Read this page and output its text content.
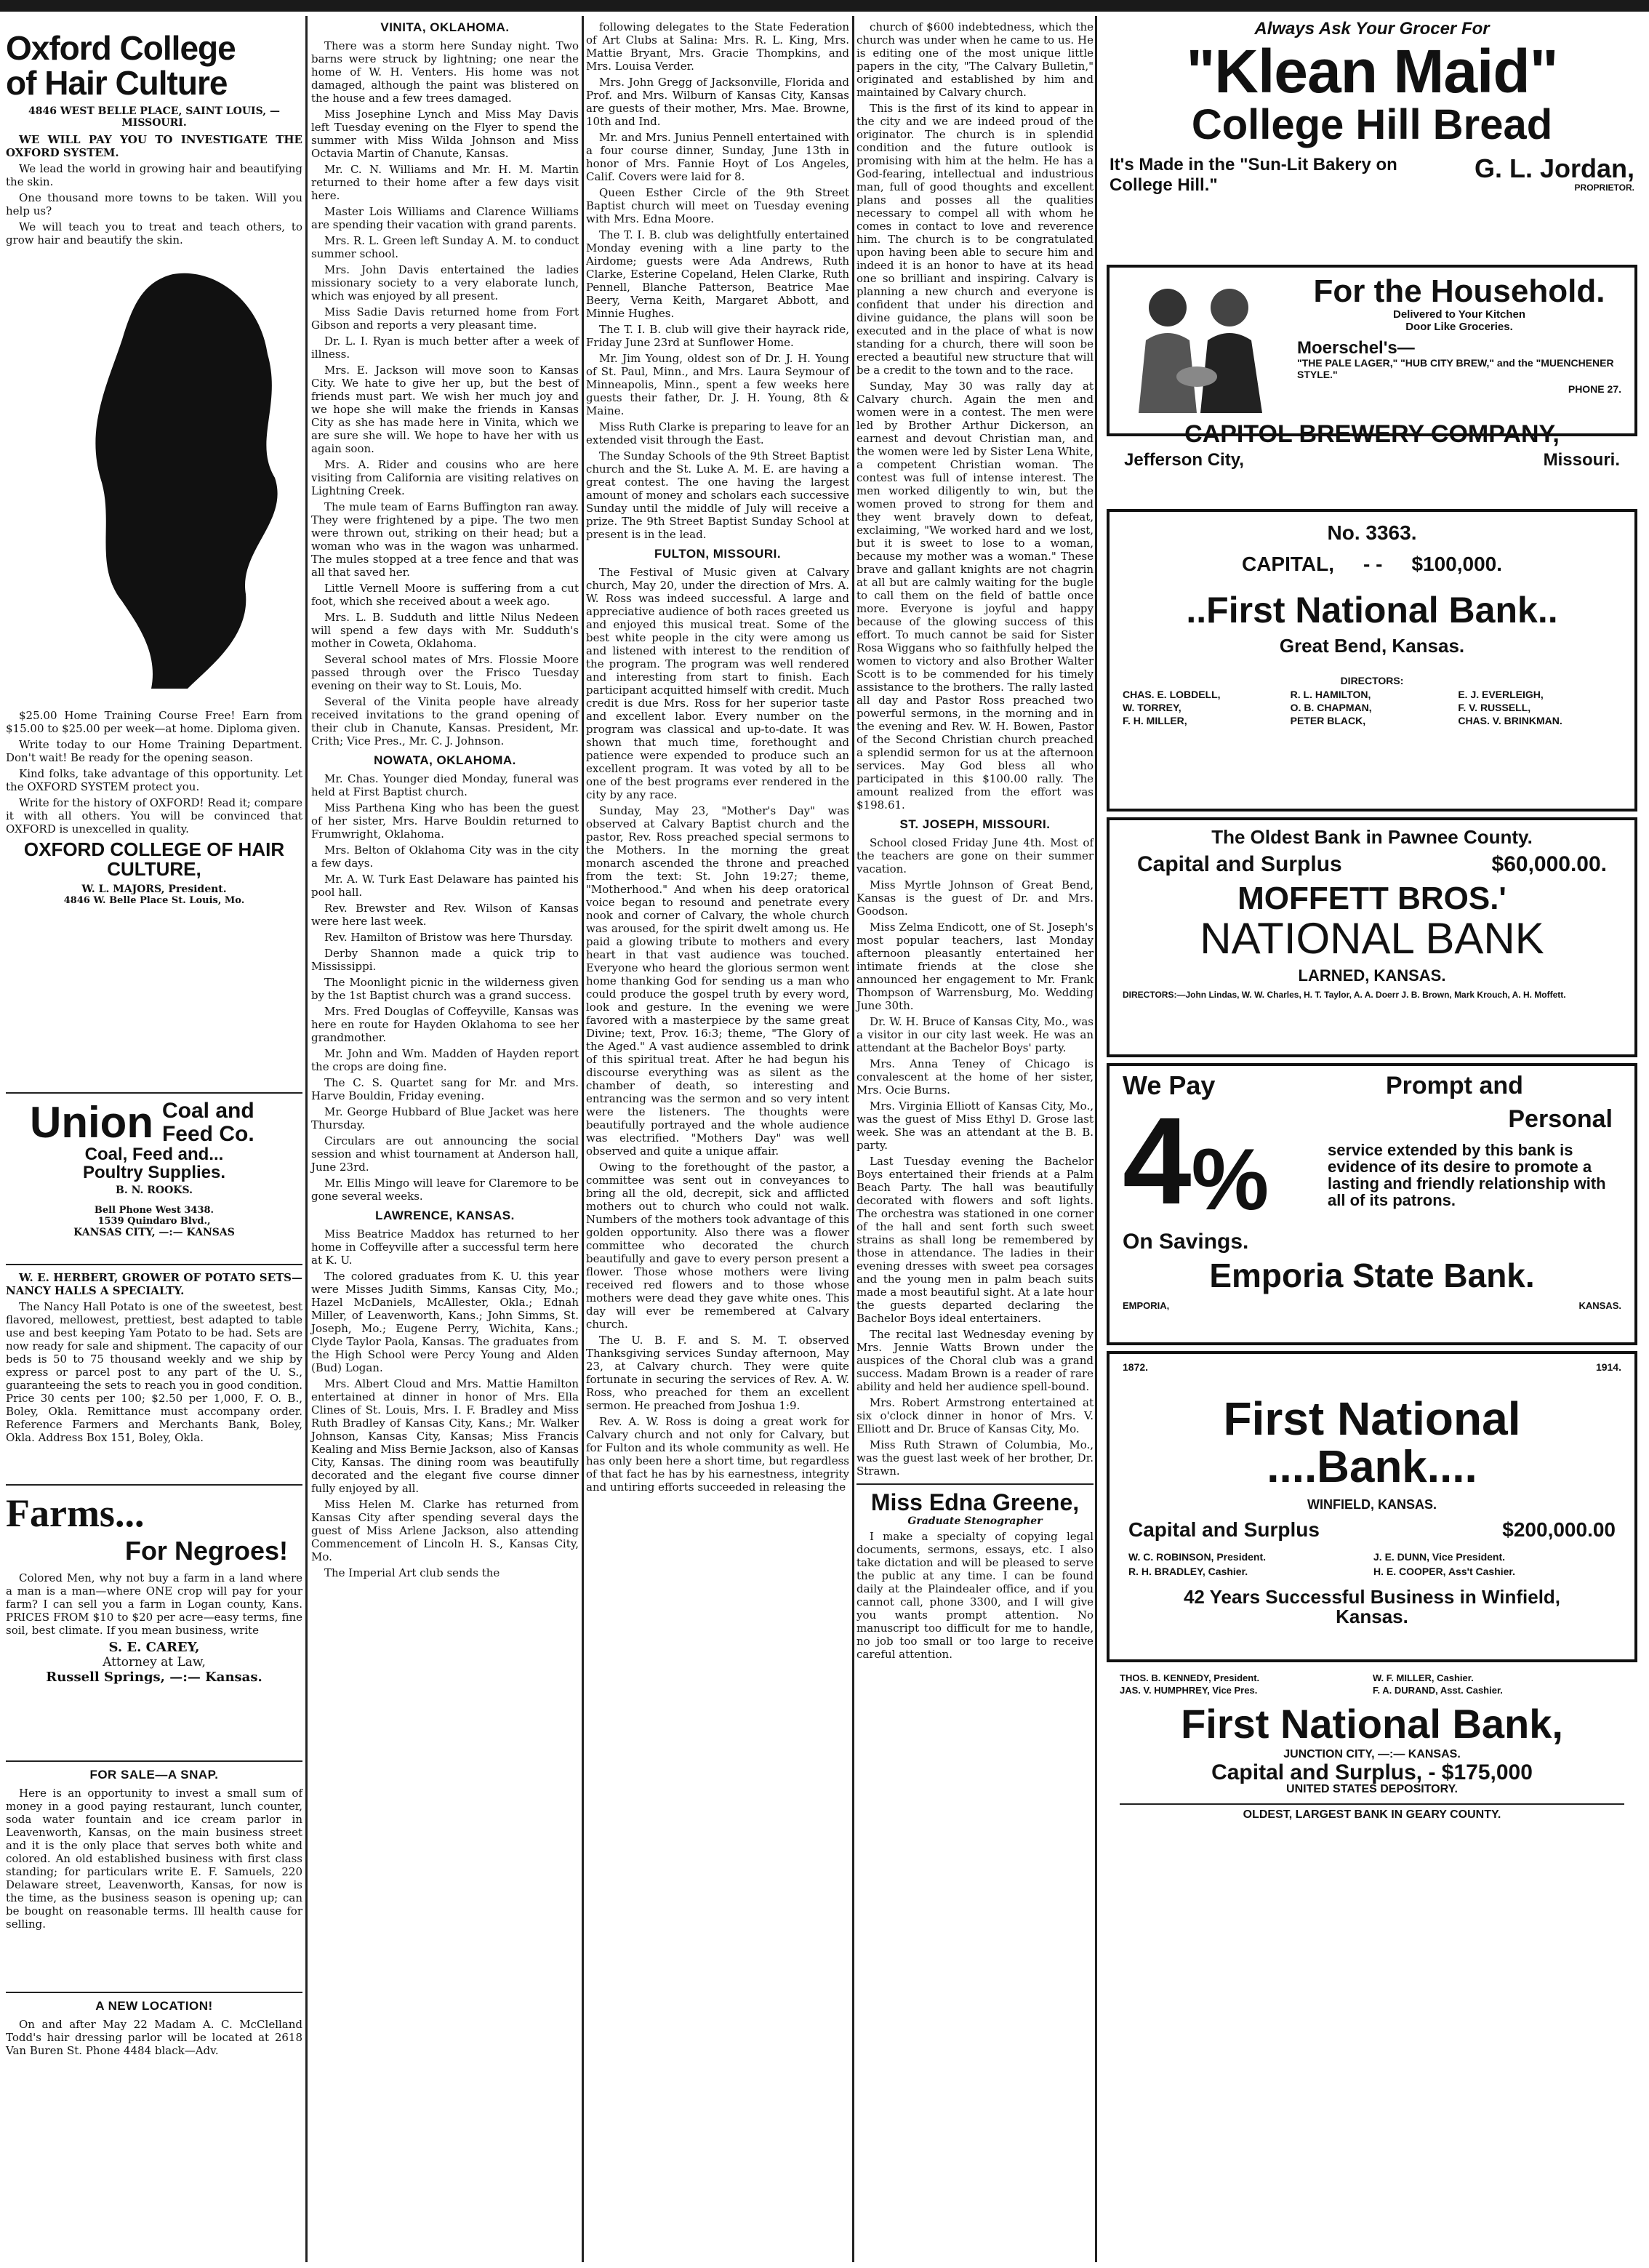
Oxford College
of Hair Culture
4846 WEST BELLE PLACE, SAINT LOUIS, — MISSOURI.

WE WILL PAY YOU TO INVESTIGATE THE OXFORD SYSTEM.

We lead the world in growing hair and beautifying the skin.

One thousand more towns to be taken. Will you help us?

We will teach you to treat and teach others, to grow hair and beautify the skin.

$25.00 Home Training Course Free! Earn from $15.00 to $25.00 per week—at home. Diploma given.

Write today to our Home Training Department. Don't wait! Be ready for the opening season.

Kind folks, take advantage of this opportunity. Let the OXFORD SYSTEM protect you.

Write for the history of OXFORD! Read it; compare it with all others. You will be convinced that OXFORD is unexcelled in quality.

OXFORD COLLEGE OF HAIR CULTURE,
W. L. MAJORS, President.
4846 W. Belle Place St. Louis, Mo.
Union Coal and Feed Co.
Coal, Feed and...
Poultry Supplies.
B. N. ROOKS.
Bell Phone West 3438.
1539 Quindaro Blvd.,
KANSAS CITY, —:— KANSAS

W. E. HERBERT, GROWER OF POTATO SETS—NANCY HALLS A SPECIALTY.

The Nancy Hall Potato is one of the sweetest, best flavored, mellowest, prettiest, best adapted to table use and best keeping Yam Potato to be had. Sets are now ready for sale and shipment. The capacity of our beds is 50 to 75 thousand weekly and we ship by express or parcel post to any part of the U. S., guaranteeing the sets to reach you in good condition. Price 30 cents per 100; $2.50 per 1,000, F. O. B., Boley, Okla. Remittance must accompany order. Reference Farmers and Merchants Bank, Boley, Okla. Address Box 151, Boley, Okla.

Farms...
For Negroes!

Colored Men, why not buy a farm in a land where a man is a man—where ONE crop will pay for your farm? I can sell you a farm in Logan county, Kans. PRICES FROM $10 to $20 per acre—easy terms, fine soil, best climate. If you mean business, write

S. E. CAREY,
Attorney at Law,
Russell Springs, —:— Kansas.
FOR SALE—A SNAP.

Here is an opportunity to invest a small sum of money in a good paying restaurant, lunch counter, soda water fountain and ice cream parlor in Leavenworth, Kansas, on the main business street and it is the only place that serves both white and colored. An old established business with first class standing; for particulars write E. F. Samuels, 220 Delaware street, Leavenworth, Kansas, for now is the time, as the business season is opening up; can be bought on reasonable terms. Ill health cause for selling.

A NEW LOCATION!

On and after May 22 Madam A. C. McClelland Todd's hair dressing parlor will be located at 2618 Van Buren St. Phone 4484 black—Adv.

VINITA, OKLAHOMA.

There was a storm here Sunday night. Two barns were struck by lightning; one near the home of W. H. Venters. His home was not damaged, although the paint was blistered on the house and a few trees damaged.

Miss Josephine Lynch and Miss May Davis left Tuesday evening on the Flyer to spend the summer with Miss Wilda Johnson and Miss Octavia Martin of Chanute, Kansas.

Mr. C. N. Williams and Mr. H. M. Martin returned to their home after a few days visit here.

Master Lois Williams and Clarence Williams are spending their vacation with grand parents.

Mrs. R. L. Green left Sunday A. M. to conduct summer school.

Mrs. John Davis entertained the ladies missionary society to a very elaborate lunch, which was enjoyed by all present.

Miss Sadie Davis returned home from Fort Gibson and reports a very pleasant time.

Dr. L. I. Ryan is much better after a week of illness.

Mrs. E. Jackson will move soon to Kansas City. We hate to give her up, but the best of friends must part. We wish her much joy and we hope she will make the friends in Kansas City as she has made here in Vinita, which we are sure she will. We hope to have her with us again soon.

Mrs. A. Rider and cousins who are here visiting from California are visiting relatives on Lightning Creek.

The mule team of Earns Buffington ran away. They were frightened by a pipe. The two men were thrown out, striking on their head; but a woman who was in the wagon was unharmed. The mules stopped at a tree fence and that was all that saved her.

Little Vernell Moore is suffering from a cut foot, which she received about a week ago.

Mrs. L. B. Sudduth and little Nilus Nedeen will spend a few days with Mr. Sudduth's mother in Coweta, Oklahoma.

Several school mates of Mrs. Flossie Moore passed through over the Frisco Tuesday evening on their way to St. Louis, Mo.

Several of the Vinita people have already received invitations to the grand opening of their club in Chanute, Kansas. President, Mr. Crith; Vice Pres., Mr. C. J. Johnson.

NOWATA, OKLAHOMA.

Mr. Chas. Younger died Monday, funeral was held at First Baptist church.

Miss Parthena King who has been the guest of her sister, Mrs. Harve Bouldin returned to Frumwright, Oklahoma.

Mrs. Belton of Oklahoma City was in the city a few days.

Mr. A. W. Turk East Delaware has painted his pool hall.

Rev. Brewster and Rev. Wilson of Kansas were here last week.

Rev. Hamilton of Bristow was here Thursday.

Derby Shannon made a quick trip to Mississippi.

The Moonlight picnic in the wilderness given by the 1st Baptist church was a grand success.

Mrs. Fred Douglas of Coffeyville, Kansas was here en route for Hayden Oklahoma to see her grandmother.

Mr. John and Wm. Madden of Hayden report the crops are doing fine.

The C. S. Quartet sang for Mr. and Mrs. Harve Bouldin, Friday evening.

Mr. George Hubbard of Blue Jacket was here Thursday.

Circulars are out announcing the social session and whist tournament at Anderson hall, June 23rd.

Mr. Ellis Mingo will leave for Claremore to be gone several weeks.

LAWRENCE, KANSAS.

Miss Beatrice Maddox has returned to her home in Coffeyville after a successful term here at K. U.

The colored graduates from K. U. this year were Misses Judith Simms, Kansas City, Mo.; Hazel McDaniels, McAllester, Okla.; Ednah Miller, of Leavenworth, Kans.; John Simms, St. Joseph, Mo.; Eugene Perry, Wichita, Kans.; Clyde Taylor Paola, Kansas. The graduates from the High School were Percy Young and Alden (Bud) Logan.

Mrs. Albert Cloud and Mrs. Mattie Hamilton entertained at dinner in honor of Mrs. Ella Clines of St. Louis, Mrs. I. F. Bradley and Miss Ruth Bradley of Kansas City, Kans.; Mr. Walker Johnson, Kansas City, Kansas; Miss Francis Kealing and Miss Bernie Jackson, also of Kansas City, Kansas. The dining room was beautifully decorated and the elegant five course dinner fully enjoyed by all.

Miss Helen M. Clarke has returned from Kansas City after spending several days the guest of Miss Arlene Jackson, also attending Commencement of Lincoln H. S., Kansas City, Mo.

The Imperial Art club sends the

following delegates to the State Federation of Art Clubs at Salina: Mrs. R. L. King, Mrs. Mattie Bryant, Mrs. Gracie Thompkins, and Mrs. Louisa Verder.

Mrs. John Gregg of Jacksonville, Florida and Prof. and Mrs. Wilburn of Kansas City, Kansas are guests of their mother, Mrs. Mae. Browne, 10th and Ind.

Mr. and Mrs. Junius Pennell entertained with a four course dinner, Sunday, June 13th in honor of Mrs. Fannie Hoyt of Los Angeles, Calif. Covers were laid for 8.

Queen Esther Circle of the 9th Street Baptist church will meet on Tuesday evening with Mrs. Edna Moore.

The T. I. B. club was delightfully entertained Monday evening with a line party to the Airdome; guests were Ada Andrews, Ruth Clarke, Esterine Copeland, Helen Clarke, Ruth Pennell, Blanche Patterson, Beatrice Mae Beery, Verna Keith, Margaret Abbott, and Minnie Hughes.

The T. I. B. club will give their hayrack ride, Friday June 23rd at Sunflower Home.

Mr. Jim Young, oldest son of Dr. J. H. Young of St. Paul, Minn., and Mrs. Laura Seymour of Minneapolis, Minn., spent a few weeks here guests their father, Dr. J. H. Young, 8th & Maine.

Miss Ruth Clarke is preparing to leave for an extended visit through the East.

The Sunday Schools of the 9th Street Baptist church and the St. Luke A. M. E. are having a great contest. The one having the largest amount of money and scholars each successive Sunday until the middle of July will receive a prize. The 9th Street Baptist Sunday School at present is in the lead.

FULTON, MISSOURI.

The Festival of Music given at Calvary church, May 20, under the direction of Mrs. A. W. Ross was indeed successful. A large and appreciative audience of both races greeted us and enjoyed this musical treat. Some of the best white people in the city were among us and listened with interest to the rendition of the program. The program was well rendered and interesting from start to finish. Each participant acquitted himself with credit. Much credit is due Mrs. Ross for her superior taste and excellent labor. Every number on the program was classical and up-to-date. It was shown that much time, forethought and patience were expended to produce such an excellent program. It was voted by all to be one of the best programs ever rendered in the city by any race.

Sunday, May 23, "Mother's Day" was observed at Calvary Baptist church and the pastor, Rev. Ross preached special sermons to the Mothers. In the morning the great monarch ascended the throne and preached from the text: St. John 19:27; theme, "Motherhood." And when his deep oratorical voice began to resound and penetrate every nook and corner of Calvary, the whole church was aroused, for the spirit dwelt among us. He paid a glowing tribute to mothers and every heart in that vast audience was touched. Everyone who heard the glorious sermon went home thanking God for sending us a man who could produce the gospel truth by every word, look and gesture. In the evening we were favored with a masterpiece by the same great Divine; text, Prov. 16:3; theme, "The Glory of the Aged." A vast audience assembled to drink of this spiritual treat. After he had begun his discourse everything was as silent as the chamber of death, so interesting and entrancing was the sermon and so very intent were the listeners. The thoughts were beautifully portrayed and the whole audience was electrified. "Mothers Day" was well observed and quite a unique affair.

Owing to the forethought of the pastor, a committee was sent out in conveyances to bring all the old, decrepit, sick and afflicted mothers out to church who could not walk. Numbers of the mothers took advantage of this golden opportunity. Also there was a flower committee who decorated the church beautifully and gave to every person present a flower. Those whose mothers were living received red flowers and to those whose mothers were dead they gave white ones. This day will ever be remembered at Calvary church.

The U. B. F. and S. M. T. observed Thanksgiving services Sunday afternoon, May 23, at Calvary church. They were quite fortunate in securing the services of Rev. A. W. Ross, who preached for them an excellent sermon. He preached from Joshua 1:9.

Rev. A. W. Ross is doing a great work for Calvary church and not only for Calvary, but for Fulton and its whole community as well. He has only been here a short time, but regardless of that fact he has by his earnestness, integrity and untiring efforts succeeded in releasing the

church of $600 indebtedness, which the church was under when he came to us. He is editing one of the most unique little papers in the city, "The Calvary Bulletin," originated and established by him and maintained by Calvary church.

This is the first of its kind to appear in the city and we are indeed proud of the originator. The church is in splendid condition and the future outlook is promising with him at the helm. He has a God-fearing, intellectual and industrious man, full of good thoughts and excellent plans and posses all the qualities necessary to compel all with whom he comes in contact to love and reverence him. The church is to be congratulated upon having been able to secure him and indeed it is an honor to have at its head one so brilliant and inspiring. Calvary is planning a new church and everyone is confident that under his direction and divine guidance, the plans will soon be executed and in the place of what is now standing for a church, there will soon be erected a beautiful new structure that will be a credit to the town and to the race.

Sunday, May 30 was rally day at Calvary church. Again the men and women were in a contest. The men were led by Brother Arthur Dickerson, an earnest and devout Christian man, and the women were led by Sister Lena White, a competent Christian woman. The contest was full of intense interest. The men worked diligently to win, but the women proved to strong for them and they went bravely down to defeat, exclaiming, "We worked hard and we lost, but it is sweet to lose to a woman, because my mother was a woman." These brave and gallant knights are not chagrin at all but are calmly waiting for the bugle to call them on the field of battle once more. Everyone is joyful and happy because of the glowing success of this effort. To much cannot be said for Sister Rosa Wiggans who so faithfully helped the women to victory and also Brother Walter Scott is to be commended for his timely assistance to the brothers. The rally lasted all day and Pastor Ross preached two powerful sermons, in the morning and in the evening and Rev. W. H. Bowen, Pastor of the Second Christian church preached a splendid sermon for us at the afternoon services. May God bless all who participated in this $100.00 rally. The amount realized from the effort was $198.61.

ST. JOSEPH, MISSOURI.

School closed Friday June 4th. Most of the teachers are gone on their summer vacation.

Miss Myrtle Johnson of Great Bend, Kansas is the guest of Dr. and Mrs. Goodson.

Miss Zelma Endicott, one of St. Joseph's most popular teachers, last Monday afternoon pleasantly entertained her intimate friends at the close she announced her engagement to Mr. Frank Thompson of Warrensburg, Mo. Wedding June 30th.

Dr. W. H. Bruce of Kansas City, Mo., was a visitor in our city last week. He was an attendant at the Bachelor Boys' party.

Mrs. Anna Teney of Chicago is convalescent at the home of her sister, Mrs. Ocie Burns.

Mrs. Virginia Elliott of Kansas City, Mo., was the guest of Miss Ethyl D. Grose last week. She was an attendant at the B. B. party.

Last Tuesday evening the Bachelor Boys entertained their friends at a Palm Beach Party. The hall was beautifully decorated with flowers and soft lights. The orchestra was stationed in one corner of the hall and sent forth such sweet strains as shall long be remembered by those in attendance. The ladies in their evening dresses with sweet pea corsages and the young men in palm beach suits made a most beautiful sight. At a late hour the guests departed declaring the Bachelor Boys ideal entertainers.

The recital last Wednesday evening by Mrs. Jennie Watts Brown under the auspices of the Choral club was a grand success. Madam Brown is a reader of rare ability and held her audience spell-bound.

Mrs. Robert Armstrong entertained at six o'clock dinner in honor of Mrs. V. Elliott and Dr. Bruce of Kansas City, Mo.

Miss Ruth Strawn of Columbia, Mo., was the guest last week of her brother, Dr. Strawn.

Miss Edna Greene,
Graduate Stenographer

I make a specialty of copying legal documents, sermons, essays, etc. I also take dictation and will be pleased to serve the public at any time. I can be found daily at the Plaindealer office, and if you cannot call, phone 3300, and I will give you wants prompt attention. No manuscript too difficult for me to handle, no job too small or too large to receive careful attention.

Always Ask Your Grocer For
"Klean Maid"
College Hill Bread
It's Made in the "Sun-Lit Bakery on College Hill."
G. L. Jordan,
PROPRIETOR.
For the Household.
Delivered to Your Kitchen
Door Like Groceries.
Moerschel's—
"THE PALE LAGER," "HUB CITY BREW," and the "MUENCHENER STYLE."
PHONE 27.
CAPITOL BREWERY COMPANY,
Jefferson City,	Missouri.
No. 3363.
CAPITAL, - - $100,000.
..First National Bank..
Great Bend, Kansas.
DIRECTORS:
CHAS. E. LOBDELL,	R. L. HAMILTON,	E. J. EVERLEIGH,
W. TORREY,	O. B. CHAPMAN,	F. V. RUSSELL,
F. H. MILLER,	PETER BLACK,	CHAS. V. BRINKMAN.
The Oldest Bank in Pawnee County.
Capital and Surplus	$60,000.00.
MOFFETT BROS.'
NATIONAL BANK
LARNED, KANSAS.
DIRECTORS:—John Lindas, W. W. Charles, H. T. Taylor, A. A. Doerr J. B. Brown, Mark Krouch, A. H. Moffett.
We Pay
4 %
On Savings.
Prompt and
Personal
service extended by this bank is evidence of its desire to promote a lasting and friendly relationship with all of its patrons.
Emporia State Bank.
EMPORIA,	KANSAS.
1872.	1914.
First National
....Bank....
WINFIELD, KANSAS.
Capital and Surplus	$200,000.00
W. C. ROBINSON, President.	J. E. DUNN, Vice President.
R. H. BRADLEY, Cashier.	H. E. COOPER, Ass't Cashier.
42 Years Successful Business in Winfield, Kansas.
THOS. B. KENNEDY, President.	W. F. MILLER, Cashier.
JAS. V. HUMPHREY, Vice Pres.	F. A. DURAND, Asst. Cashier.
First National Bank,
JUNCTION CITY, —:— KANSAS.
Capital and Surplus, - $175,000
UNITED STATES DEPOSITORY.
OLDEST, LARGEST BANK IN GEARY COUNTY.
